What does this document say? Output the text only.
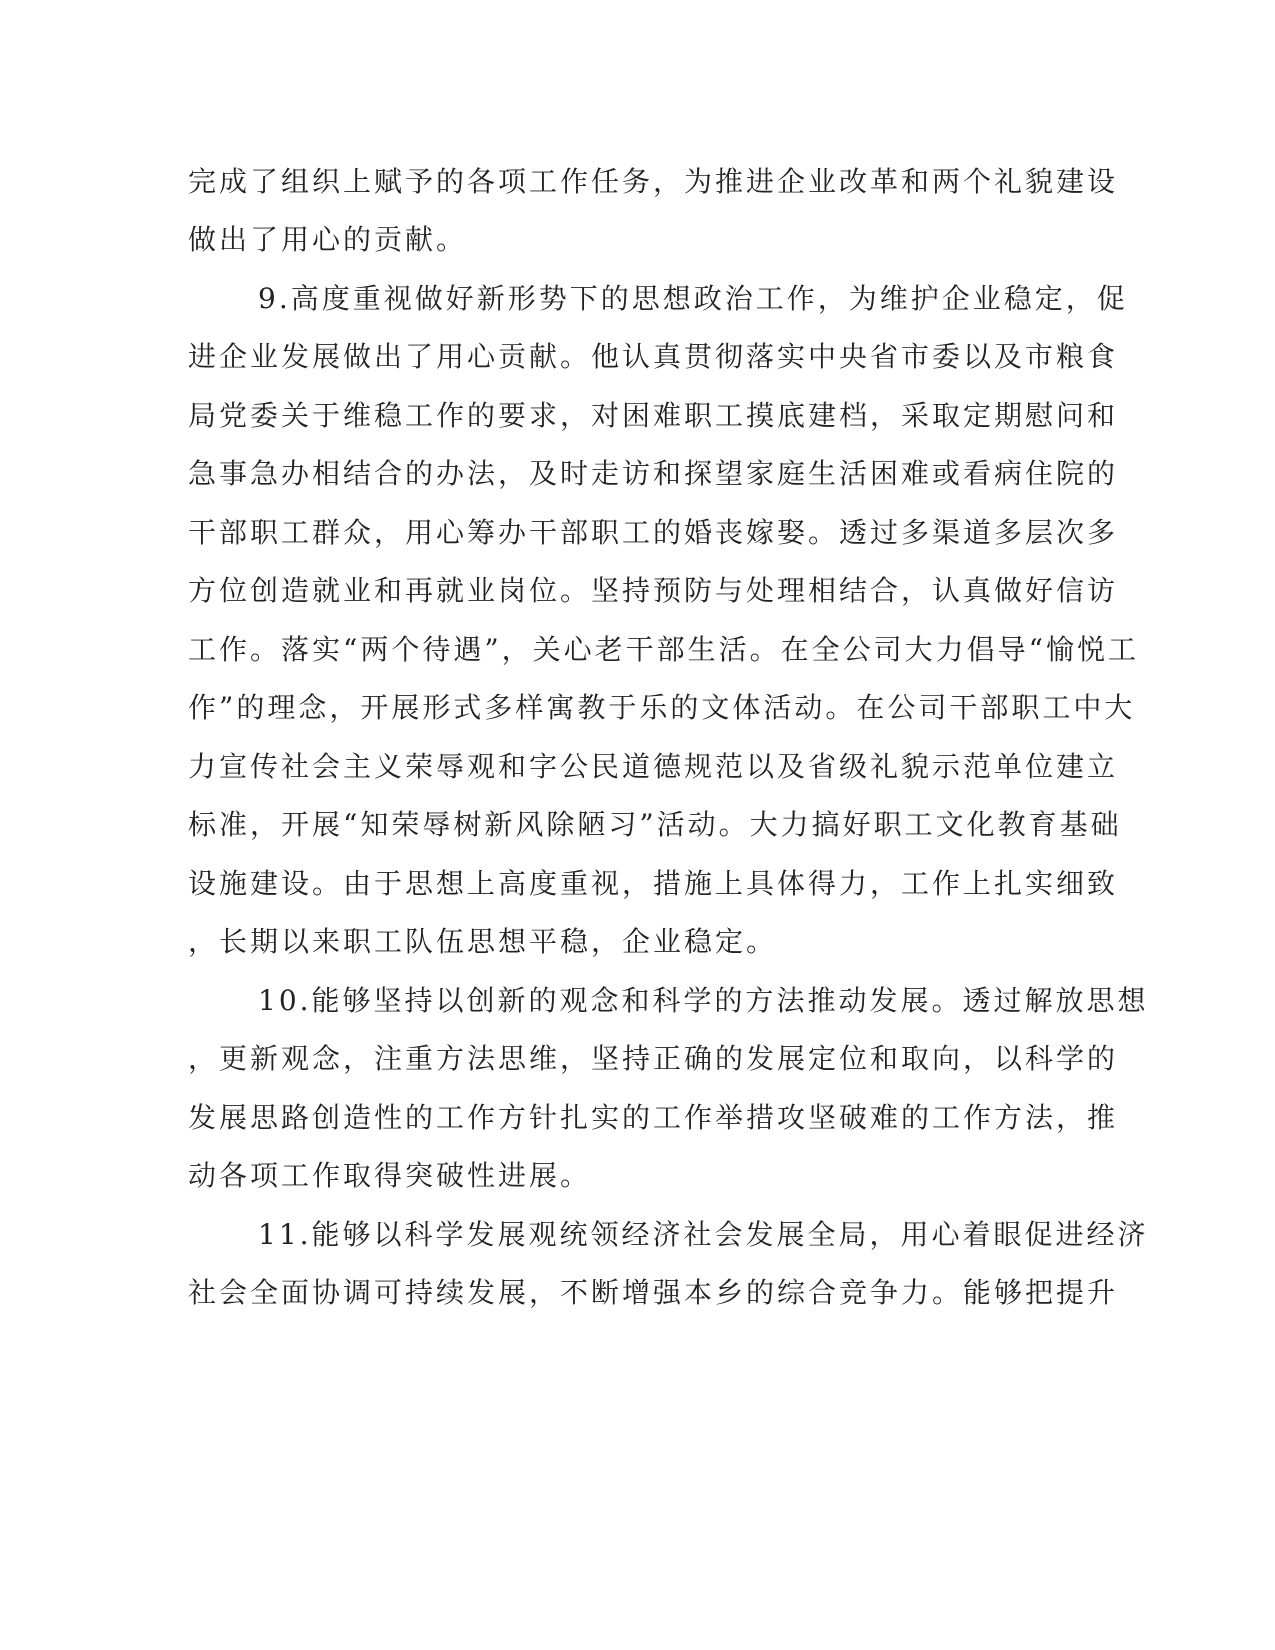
完成了组织上赋予的各项工作任务，为推进企业改革和两个礼貌建设
做出了用心的贡献。
9.高度重视做好新形势下的思想政治工作，为维护企业稳定，促
进企业发展做出了用心贡献。他认真贯彻落实中央省市委以及市粮食
局党委关于维稳工作的要求，对困难职工摸底建档，采取定期慰问和
急事急办相结合的办法，及时走访和探望家庭生活困难或看病住院的
干部职工群众，用心筹办干部职工的婚丧嫁娶。透过多渠道多层次多
方位创造就业和再就业岗位。坚持预防与处理相结合，认真做好信访
工作。落实“两个待遇”，关心老干部生活。在全公司大力倡导“愉悦工
作”的理念，开展形式多样寓教于乐的文体活动。在公司干部职工中大
力宣传社会主义荣辱观和字公民道德规范以及省级礼貌示范单位建立
标准，开展“知荣辱树新风除陋习”活动。大力搞好职工文化教育基础
设施建设。由于思想上高度重视，措施上具体得力，工作上扎实细致
，长期以来职工队伍思想平稳，企业稳定。
10.能够坚持以创新的观念和科学的方法推动发展。透过解放思想
，更新观念，注重方法思维，坚持正确的发展定位和取向，以科学的
发展思路创造性的工作方针扎实的工作举措攻坚破难的工作方法，推
动各项工作取得突破性进展。
11.能够以科学发展观统领经济社会发展全局，用心着眼促进经济
社会全面协调可持续发展，不断增强本乡的综合竞争力。能够把提升
